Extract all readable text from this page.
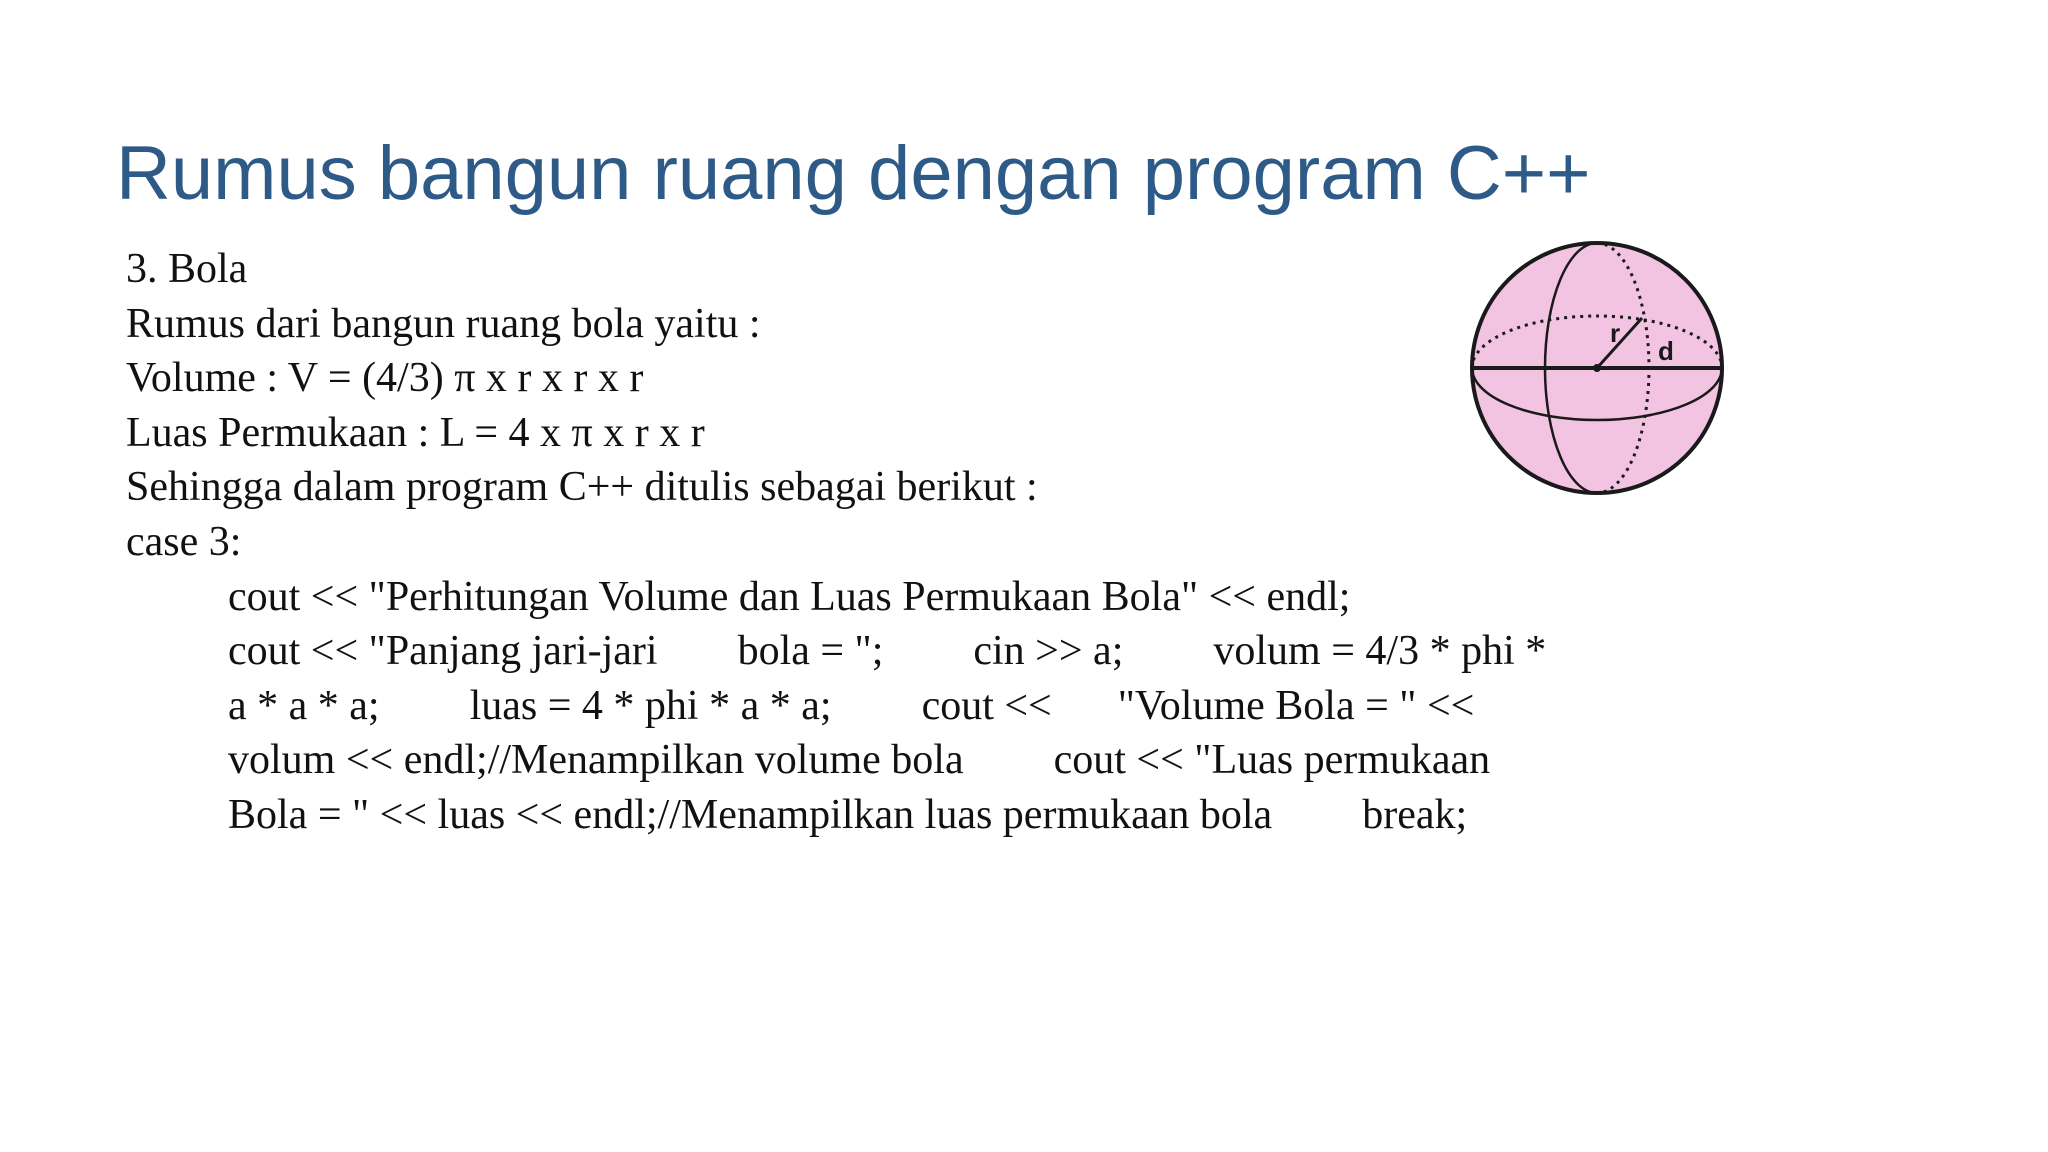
Rumus bangun ruang dengan program C++
3. Bola
Rumus dari bangun ruang bola yaitu :
Volume : V = (4/3) π x r x r x r
Luas Permukaan : L = 4 x π x r x r
Sehingga dalam program C++ ditulis sebagai berikut :
case 3:
cout << "Perhitungan Volume dan Luas Permukaan Bola" << endl;
cout << "Panjang jari-jari bola = "; cin >> a; volum = 4/3 * phi *
a * a * a; luas = 4 * phi * a * a; cout << "Volume Bola = " <<
volum << endl;//Menampilkan volume bola cout << "Luas permukaan
Bola = " << luas << endl;//Menampilkan luas permukaan bola break;
r
d
